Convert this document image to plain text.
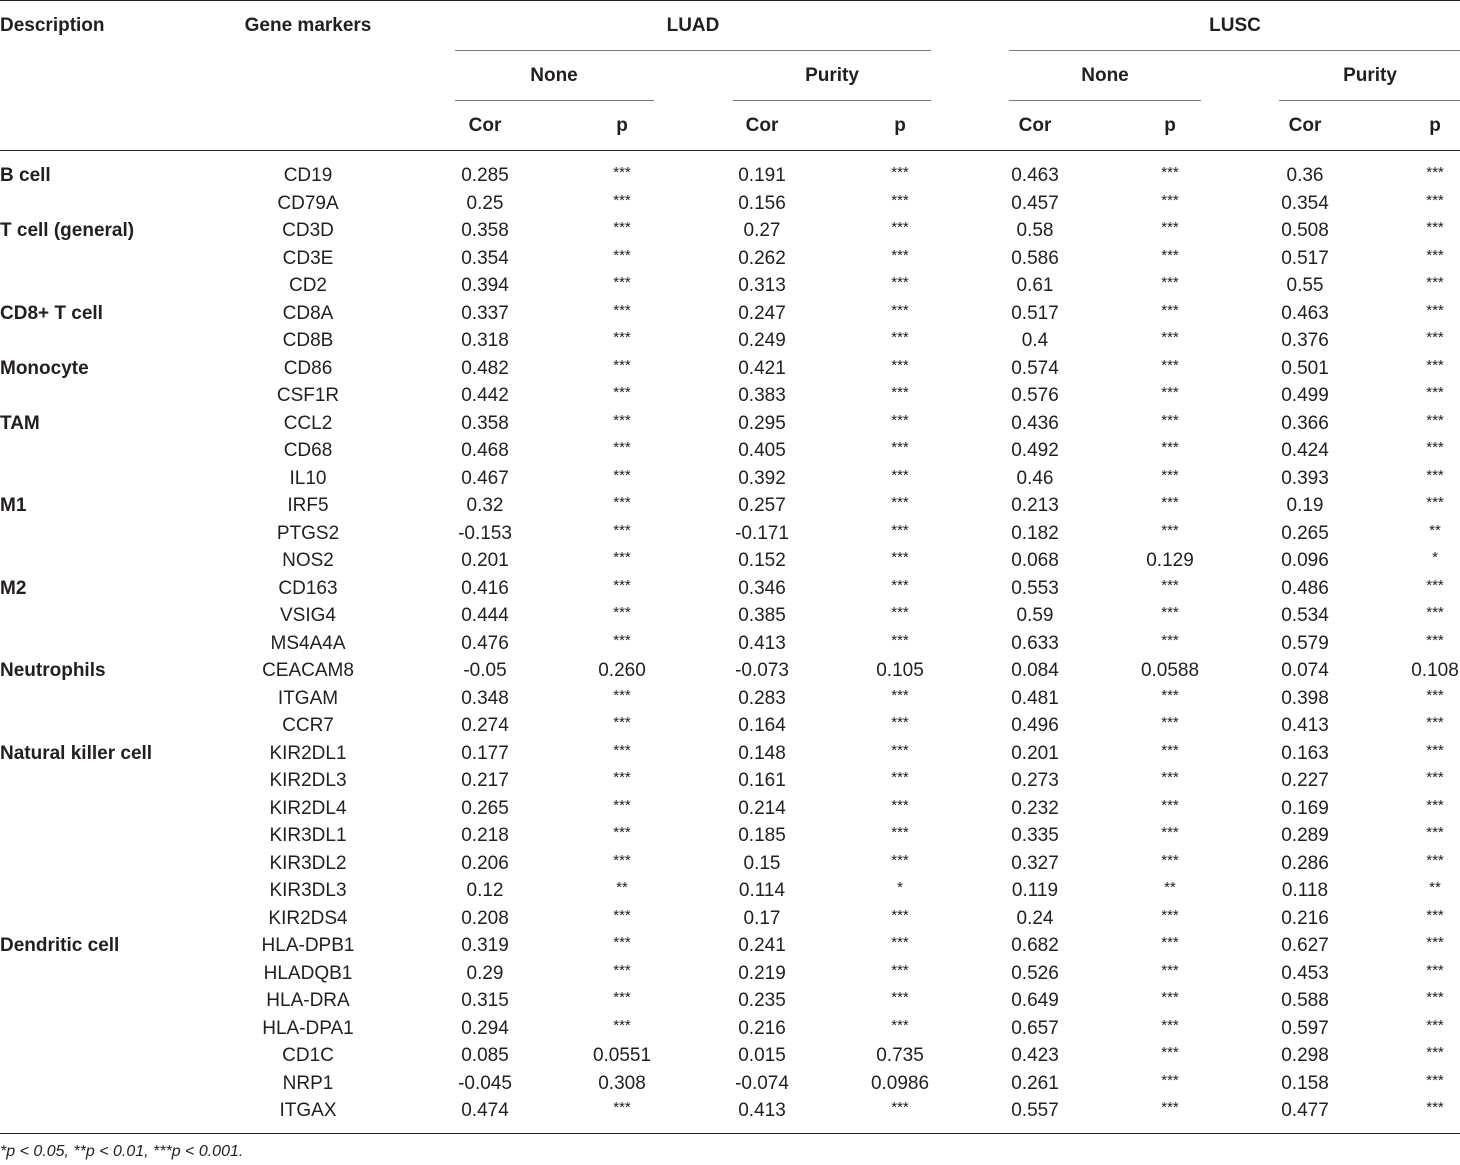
Description	Gene markers	LUAD	LUSC
None	Purity	None	Purity
Cor	p	Cor	p	Cor	p	Cor	p
B cell	CD19	0.285	***	0.191	***	0.463	***	0.36	***
CD79A	0.25	***	0.156	***	0.457	***	0.354	***
T cell (general)	CD3D	0.358	***	0.27	***	0.58	***	0.508	***
CD3E	0.354	***	0.262	***	0.586	***	0.517	***
CD2	0.394	***	0.313	***	0.61	***	0.55	***
CD8+ T cell	CD8A	0.337	***	0.247	***	0.517	***	0.463	***
CD8B	0.318	***	0.249	***	0.4	***	0.376	***
Monocyte	CD86	0.482	***	0.421	***	0.574	***	0.501	***
CSF1R	0.442	***	0.383	***	0.576	***	0.499	***
TAM	CCL2	0.358	***	0.295	***	0.436	***	0.366	***
CD68	0.468	***	0.405	***	0.492	***	0.424	***
IL10	0.467	***	0.392	***	0.46	***	0.393	***
M1	IRF5	0.32	***	0.257	***	0.213	***	0.19	***
PTGS2	-0.153	***	-0.171	***	0.182	***	0.265	**
NOS2	0.201	***	0.152	***	0.068	0.129	0.096	*
M2	CD163	0.416	***	0.346	***	0.553	***	0.486	***
VSIG4	0.444	***	0.385	***	0.59	***	0.534	***
MS4A4A	0.476	***	0.413	***	0.633	***	0.579	***
Neutrophils	CEACAM8	-0.05	0.260	-0.073	0.105	0.084	0.0588	0.074	0.108
ITGAM	0.348	***	0.283	***	0.481	***	0.398	***
CCR7	0.274	***	0.164	***	0.496	***	0.413	***
Natural killer cell	KIR2DL1	0.177	***	0.148	***	0.201	***	0.163	***
KIR2DL3	0.217	***	0.161	***	0.273	***	0.227	***
KIR2DL4	0.265	***	0.214	***	0.232	***	0.169	***
KIR3DL1	0.218	***	0.185	***	0.335	***	0.289	***
KIR3DL2	0.206	***	0.15	***	0.327	***	0.286	***
KIR3DL3	0.12	**	0.114	*	0.119	**	0.118	**
KIR2DS4	0.208	***	0.17	***	0.24	***	0.216	***
Dendritic cell	HLA-DPB1	0.319	***	0.241	***	0.682	***	0.627	***
HLADQB1	0.29	***	0.219	***	0.526	***	0.453	***
HLA-DRA	0.315	***	0.235	***	0.649	***	0.588	***
HLA-DPA1	0.294	***	0.216	***	0.657	***	0.597	***
CD1C	0.085	0.0551	0.015	0.735	0.423	***	0.298	***
NRP1	-0.045	0.308	-0.074	0.0986	0.261	***	0.158	***
ITGAX	0.474	***	0.413	***	0.557	***	0.477	***
*p < 0.05, **p < 0.01, ***p < 0.001.
